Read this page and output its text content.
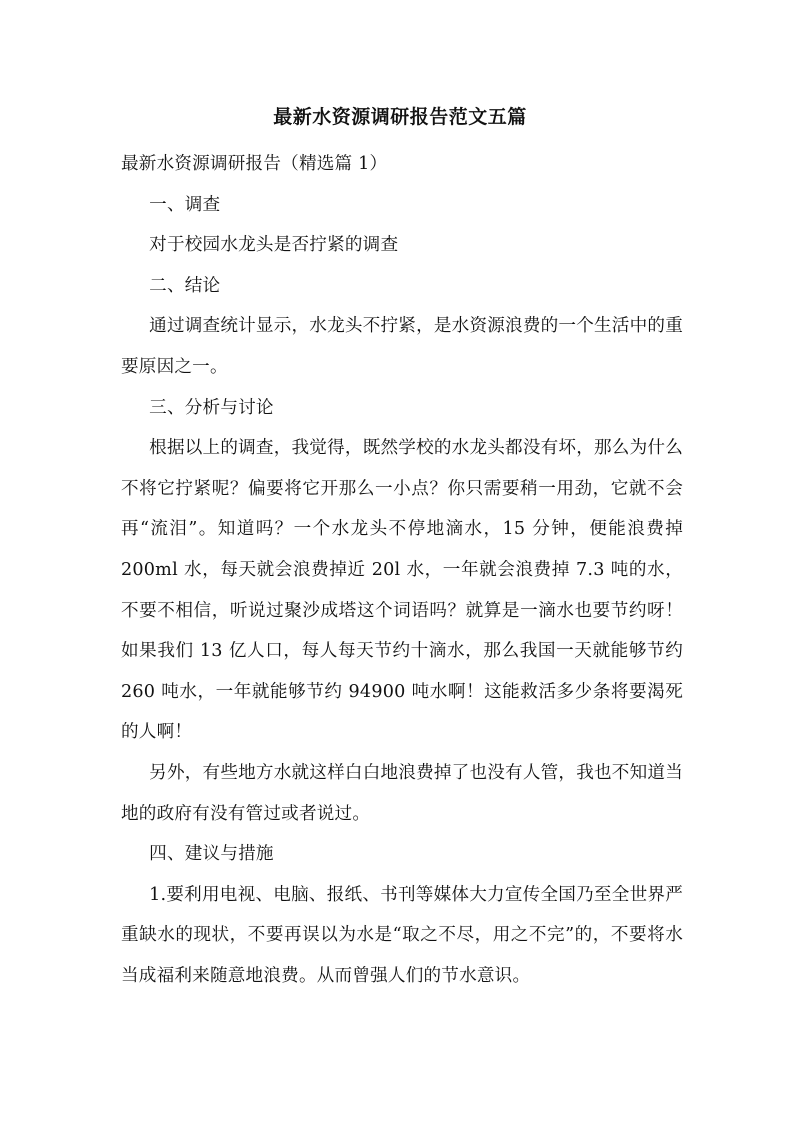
最新水资源调研报告范文五篇

最新水资源调研报告（精选篇 1）

一、调查

对于校园水龙头是否拧紧的调查

二、结论

通过调查统计显示，水龙头不拧紧，是水资源浪费的一个生活中的重要原因之一。

三、分析与讨论

根据以上的调查，我觉得，既然学校的水龙头都没有坏，那么为什么不将它拧紧呢？偏要将它开那么一小点？你只需要稍一用劲，它就不会再“流泪”。知道吗？一个水龙头不停地滴水，15 分钟，便能浪费掉 200ml 水，每天就会浪费掉近 20l 水，一年就会浪费掉 7.3 吨的水，不要不相信，听说过聚沙成塔这个词语吗？就算是一滴水也要节约呀！如果我们 13 亿人口，每人每天节约十滴水，那么我国一天就能够节约 260 吨水，一年就能够节约 94900 吨水啊！这能救活多少条将要渴死的人啊！

另外，有些地方水就这样白白地浪费掉了也没有人管，我也不知道当地的政府有没有管过或者说过。

四、建议与措施

1.要利用电视、电脑、报纸、书刊等媒体大力宣传全国乃至全世界严重缺水的现状，不要再误以为水是“取之不尽，用之不完”的，不要将水当成福利来随意地浪费。从而曾强人们的节水意识。
